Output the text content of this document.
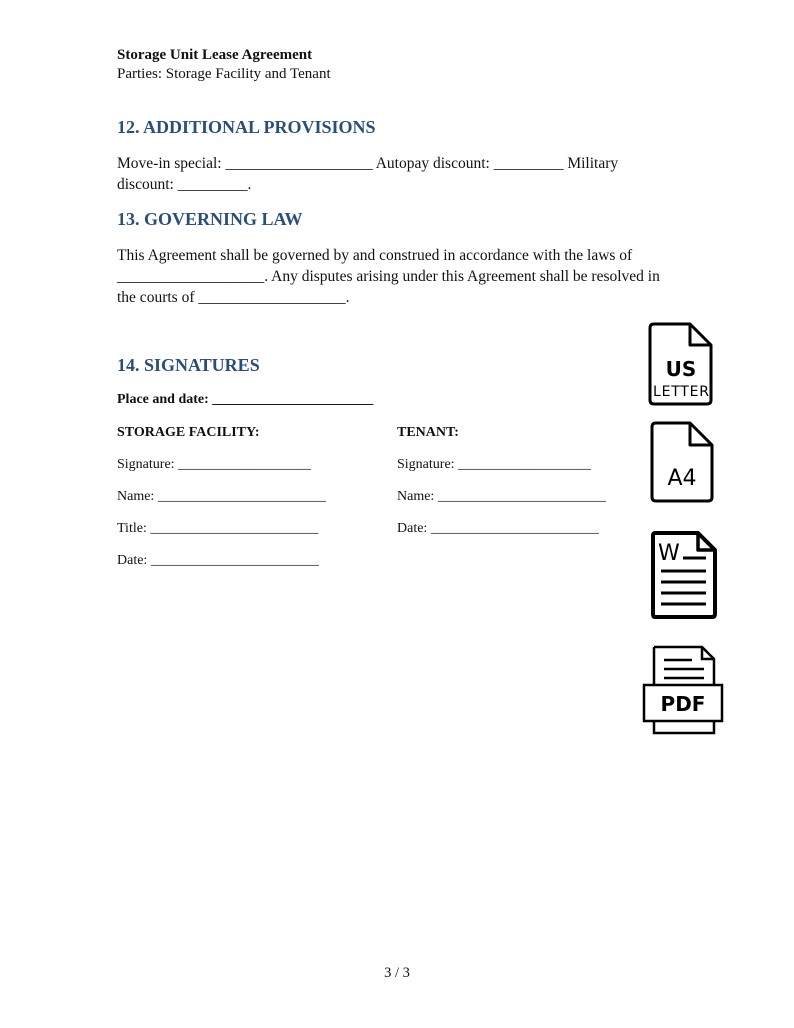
Storage Unit Lease Agreement
Parties: Storage Facility and Tenant
12. ADDITIONAL PROVISIONS

Move-in special: ___________________ Autopay discount: _________ Military discount: _________.

13. GOVERNING LAW

This Agreement shall be governed by and construed in accordance with the laws of ___________________. Any disputes arising under this Agreement shall be resolved in the courts of ___________________.

14. SIGNATURES
Place and date: _______________________
STORAGE FACILITY:
Signature: ___________________
Name: ________________________
Title: ________________________
Date: ________________________
TENANT:
Signature: ___________________
Name: ________________________
Date: ________________________
US
LETTER
A4
W
PDF
3 / 3
